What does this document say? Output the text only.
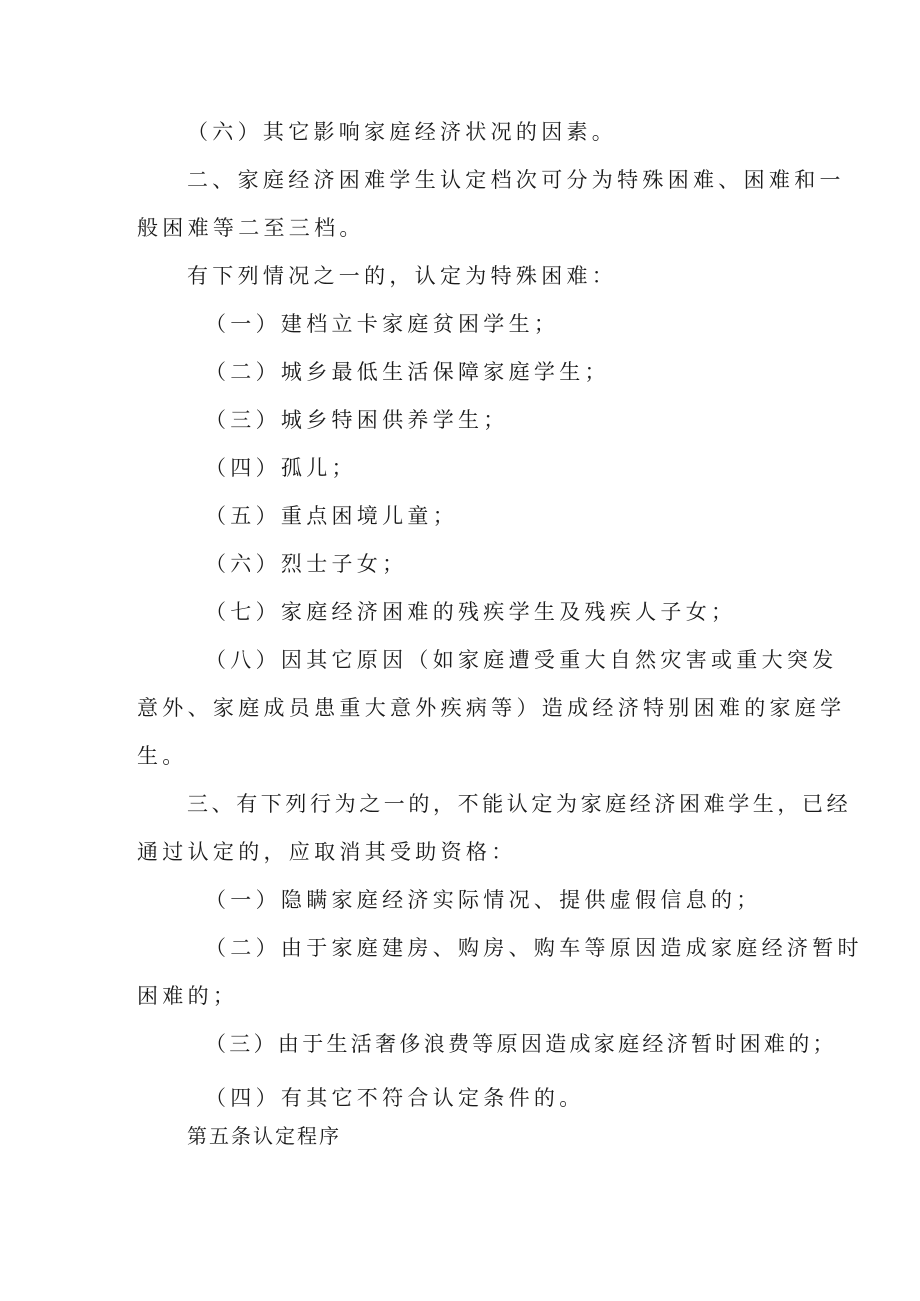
（六）其它影响家庭经济状况的因素。
二、家庭经济困难学生认定档次可分为特殊困难、困难和一
般困难等二至三档。
有下列情况之一的，认定为特殊困难：
（一）建档立卡家庭贫困学生；
（二）城乡最低生活保障家庭学生；
（三）城乡特困供养学生；
（四）孤儿；
（五）重点困境儿童；
（六）烈士子女；
（七）家庭经济困难的残疾学生及残疾人子女；
（八）因其它原因（如家庭遭受重大自然灾害或重大突发
意外、家庭成员患重大意外疾病等）造成经济特别困难的家庭学
生。
三、有下列行为之一的，不能认定为家庭经济困难学生，已经
通过认定的，应取消其受助资格：
（一）隐瞒家庭经济实际情况、提供虚假信息的；
（二）由于家庭建房、购房、购车等原因造成家庭经济暂时
困难的；
（三）由于生活奢侈浪费等原因造成家庭经济暂时困难的；
（四）有其它不符合认定条件的。
第五条认定程序
